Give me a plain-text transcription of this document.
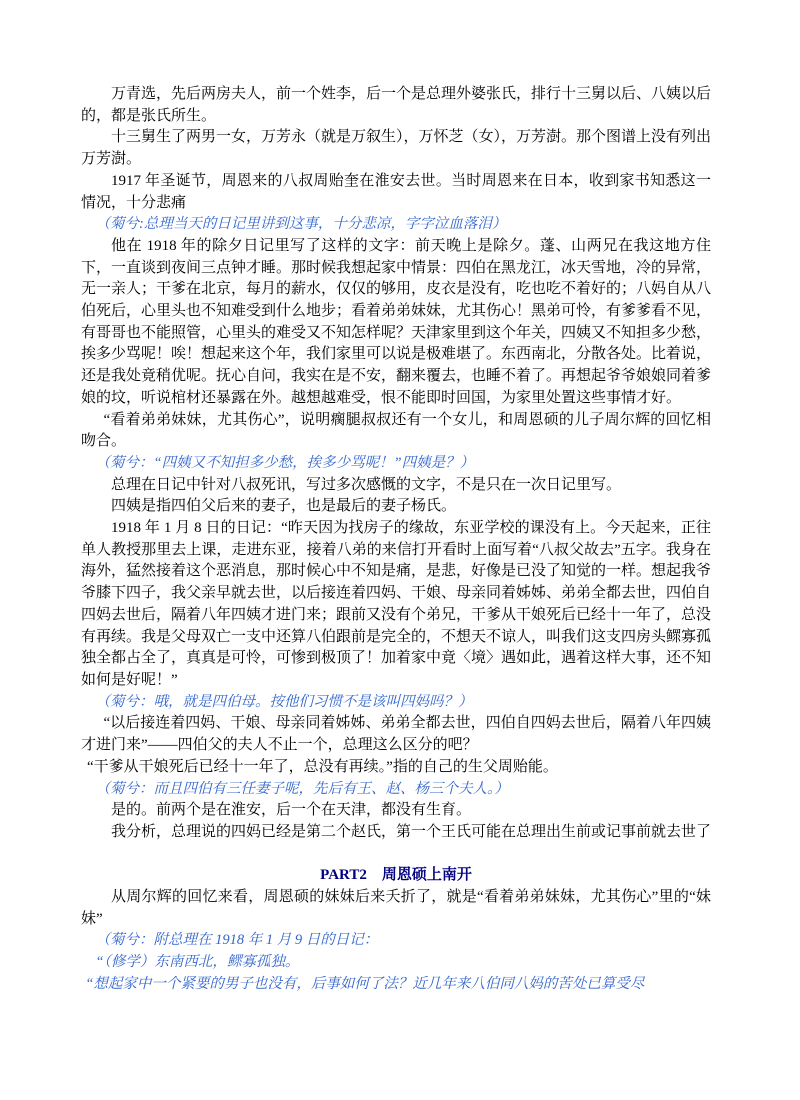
万青选，先后两房夫人，前一个姓李，后一个是总理外婆张氏，排行十三舅以后、八姨以后的，都是张氏所生。

十三舅生了两男一女，万芳永（就是万叙生），万怀芝（女），万芳澍。那个图谱上没有列出万芳澍。

1917 年圣诞节，周恩来的八叔周贻奎在淮安去世。当时周恩来在日本，收到家书知悉这一情况，十分悲痛

（菊兮:总理当天的日记里讲到这事，十分悲凉，字字泣血落泪）

他在 1918 年的除夕日记里写了这样的文字：前天晚上是除夕。蓬、山两兄在我这地方住下，一直谈到夜间三点钟才睡。那时候我想起家中情景：四伯在黑龙江，冰天雪地，冷的异常，无一亲人；干爹在北京，每月的薪水，仅仅的够用，皮衣是没有，吃也吃不着好的；八妈自从八伯死后，心里头也不知难受到什么地步；看着弟弟妹妹，尤其伤心！黑弟可怜，有爹爹看不见，有哥哥也不能照管，心里头的难受又不知怎样呢？天津家里到这个年关，四姨又不知担多少愁，挨多少骂呢！唉！想起来这个年，我们家里可以说是极难堪了。东西南北，分散各处。比着说，还是我处竟稍优呢。抚心自问，我实在是不安，翻来覆去，也睡不着了。再想起爷爷娘娘同着爹娘的坟，听说棺材还暴露在外。越想越难受，恨不能即时回国，为家里处置这些事情才好。

“看着弟弟妹妹，尤其伤心”，说明瘸腿叔叔还有一个女儿，和周恩硕的儿子周尔辉的回忆相吻合。

（菊兮：“四姨又不知担多少愁，挨多少骂呢！”四姨是？）

总理在日记中针对八叔死讯，写过多次感慨的文字，不是只在一次日记里写。

四姨是指四伯父后来的妻子，也是最后的妻子杨氏。

1918 年 1 月 8 日的日记：“昨天因为找房子的缘故，东亚学校的课没有上。今天起来，正往单人教授那里去上课，走进东亚，接着八弟的来信打开看时上面写着“八叔父故去”五字。我身在海外，猛然接着这个恶消息，那时候心中不知是痛，是悲，好像是已没了知觉的一样。想起我爷爷膝下四子，我父亲早就去世，以后接连着四妈、干娘、母亲同着姊姊、弟弟全都去世，四伯自四妈去世后，隔着八年四姨才进门来；跟前又没有个弟兄，干爹从干娘死后已经十一年了，总没有再续。我是父母双亡一支中还算八伯跟前是完全的，不想天不谅人，叫我们这支四房头鳏寡孤独全都占全了，真真是可怜，可惨到极顶了！加着家中竟〈境〉遇如此，遇着这样大事，还不知如何是好呢！”

（菊兮：哦，就是四伯母。按他们习惯不是该叫四妈吗？）

“以后接连着四妈、干娘、母亲同着姊姊、弟弟全都去世，四伯自四妈去世后，隔着八年四姨才进门来”——四伯父的夫人不止一个，总理这么区分的吧？

“干爹从干娘死后已经十一年了，总没有再续。”指的自己的生父周贻能。

（菊兮：而且四伯有三任妻子呢，先后有王、赵、杨三个夫人。）

是的。前两个是在淮安，后一个在天津，都没有生育。

我分析，总理说的四妈已经是第二个赵氏，第一个王氏可能在总理出生前或记事前就去世了

PART2　周恩硕上南开

从周尔辉的回忆来看，周恩硕的妹妹后来夭折了，就是“看着弟弟妹妹，尤其伤心”里的“妹妹”

（菊兮：附总理在 1918 年 1 月 9 日的日记：

“（修学）东南西北，鳏寡孤独。

“想起家中一个紧要的男子也没有，后事如何了法？近几年来八伯同八妈的苦处已算受尽
